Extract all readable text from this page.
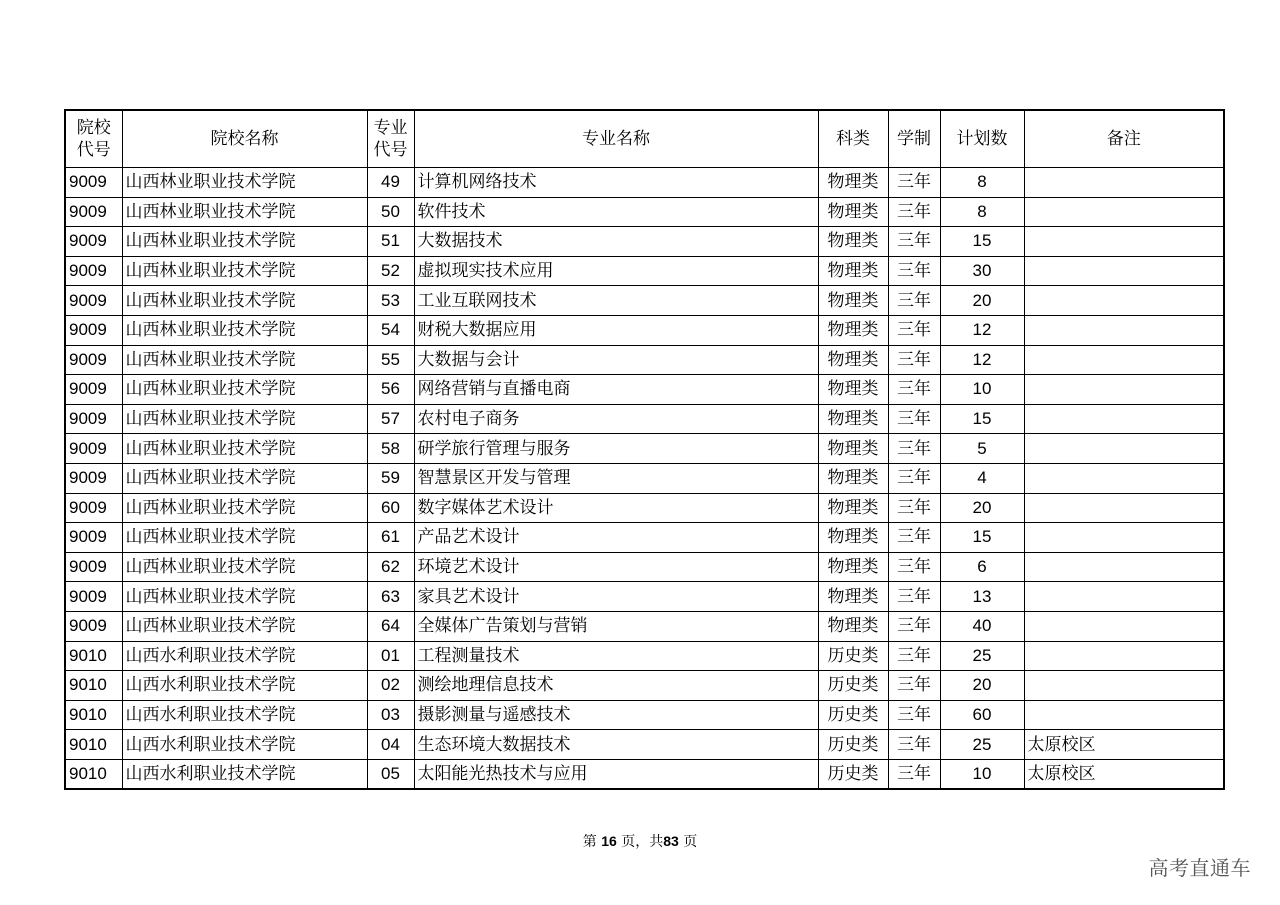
院校代号	院校名称	专业代号	专业名称	科类	学制	计划数	备注
9009	山西林业职业技术学院	49	计算机网络技术	物理类	三年	8	
9009	山西林业职业技术学院	50	软件技术	物理类	三年	8	
9009	山西林业职业技术学院	51	大数据技术	物理类	三年	15	
9009	山西林业职业技术学院	52	虚拟现实技术应用	物理类	三年	30	
9009	山西林业职业技术学院	53	工业互联网技术	物理类	三年	20	
9009	山西林业职业技术学院	54	财税大数据应用	物理类	三年	12	
9009	山西林业职业技术学院	55	大数据与会计	物理类	三年	12	
9009	山西林业职业技术学院	56	网络营销与直播电商	物理类	三年	10	
9009	山西林业职业技术学院	57	农村电子商务	物理类	三年	15	
9009	山西林业职业技术学院	58	研学旅行管理与服务	物理类	三年	5	
9009	山西林业职业技术学院	59	智慧景区开发与管理	物理类	三年	4	
9009	山西林业职业技术学院	60	数字媒体艺术设计	物理类	三年	20	
9009	山西林业职业技术学院	61	产品艺术设计	物理类	三年	15	
9009	山西林业职业技术学院	62	环境艺术设计	物理类	三年	6	
9009	山西林业职业技术学院	63	家具艺术设计	物理类	三年	13	
9009	山西林业职业技术学院	64	全媒体广告策划与营销	物理类	三年	40	
9010	山西水利职业技术学院	01	工程测量技术	历史类	三年	25	
9010	山西水利职业技术学院	02	测绘地理信息技术	历史类	三年	20	
9010	山西水利职业技术学院	03	摄影测量与遥感技术	历史类	三年	60	
9010	山西水利职业技术学院	04	生态环境大数据技术	历史类	三年	25	太原校区
9010	山西水利职业技术学院	05	太阳能光热技术与应用	历史类	三年	10	太原校区
第 16 页，共83 页
高考直通车
